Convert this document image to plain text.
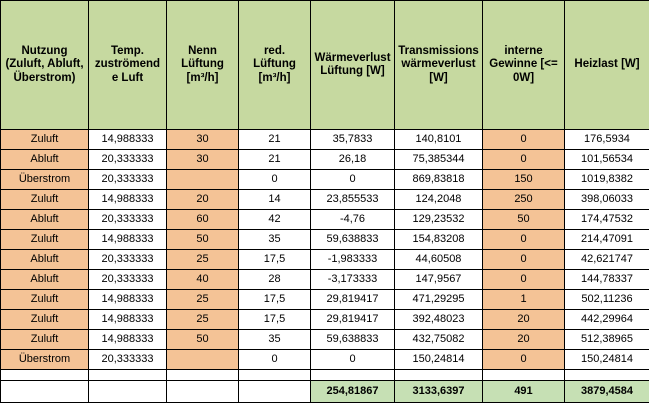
Nutzung (Zuluft, Abluft, Überstrom)	Temp. zuströmende Luft	Nenn Lüftung [m³/h]	red. Lüftung [m³/h]	Wärmeverlust Lüftung [W]	Transmissionswärmeverlust [W]	interne Gewinne [<= 0W]	Heizlast [W]
Zuluft	14,988333	30	21	35,7833	140,8101	0	176,5934
Abluft	20,333333	30	21	26,18	75,385344	0	101,56534
Überstrom	20,333333		0	0	869,83818	150	1019,8382
Zuluft	14,988333	20	14	23,855533	124,2048	250	398,06033
Abluft	20,333333	60	42	-4,76	129,23532	50	174,47532
Zuluft	14,988333	50	35	59,638833	154,83208	0	214,47091
Abluft	20,333333	25	17,5	-1,983333	44,60508	0	42,621747
Abluft	20,333333	40	28	-3,173333	147,9567	0	144,78337
Zuluft	14,988333	25	17,5	29,819417	471,29295	1	502,11236
Zuluft	14,988333	25	17,5	29,819417	392,48023	20	442,29964
Zuluft	14,988333	50	35	59,638833	432,75082	20	512,38965
Überstrom	20,333333		0	0	150,24814	0	150,24814

				254,81867	3133,6397	491	3879,4584
